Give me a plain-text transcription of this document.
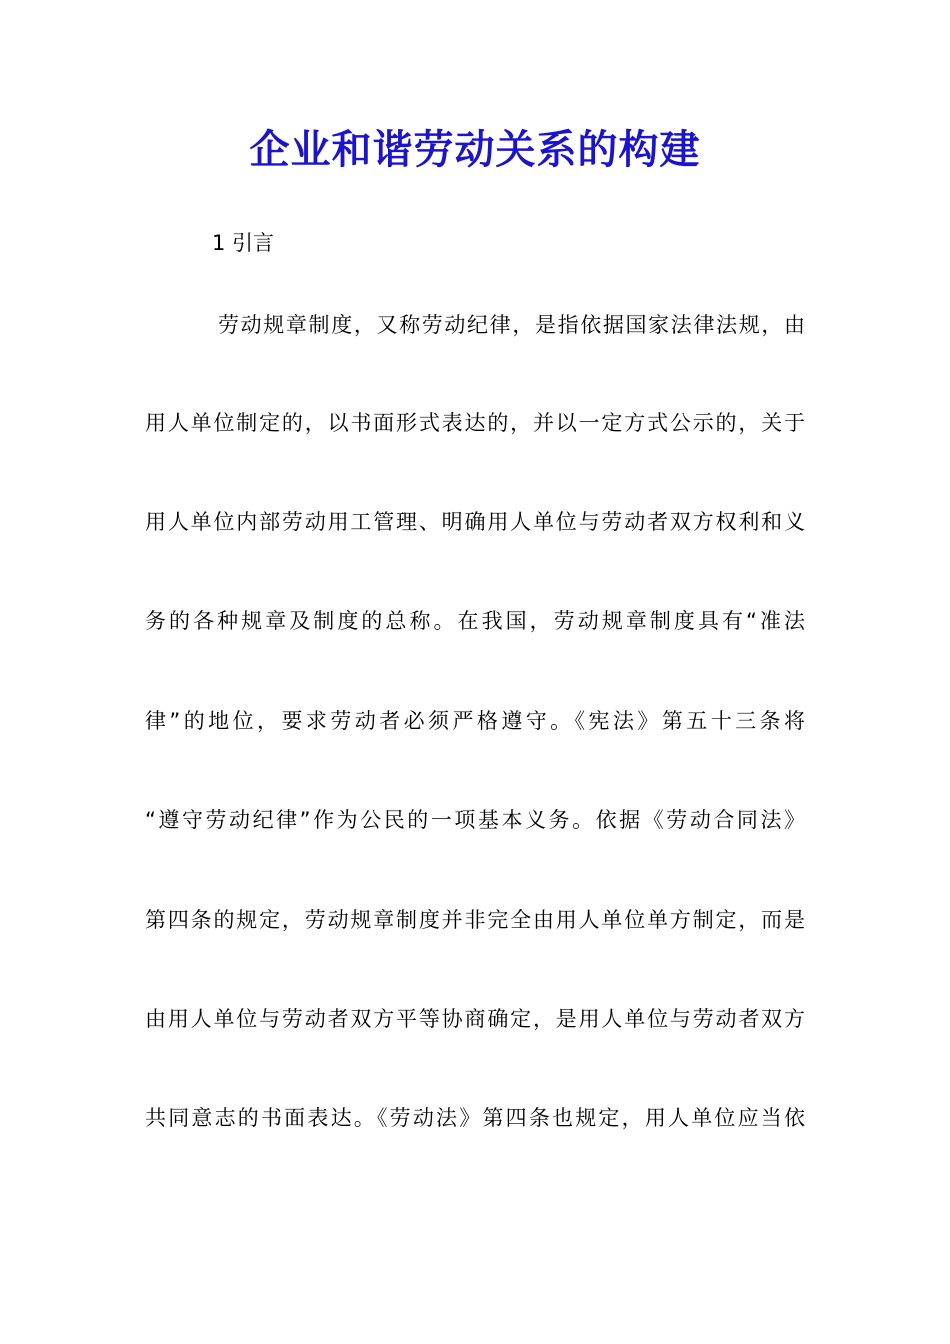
企业和谐劳动关系的构建

1 引言

劳动规章制度，又称劳动纪律，是指依据国家法律法规，由

用人单位制定的，以书面形式表达的，并以一定方式公示的，关于

用人单位内部劳动用工管理、明确用人单位与劳动者双方权利和义

务的各种规章及制度的总称。在我国，劳动规章制度具有“准法

律”的地位，要求劳动者必须严格遵守。《宪法》第五十三条将

“遵守劳动纪律”作为公民的一项基本义务。依据《劳动合同法》

第四条的规定，劳动规章制度并非完全由用人单位单方制定，而是

由用人单位与劳动者双方平等协商确定，是用人单位与劳动者双方

共同意志的书面表达。《劳动法》第四条也规定，用人单位应当依
